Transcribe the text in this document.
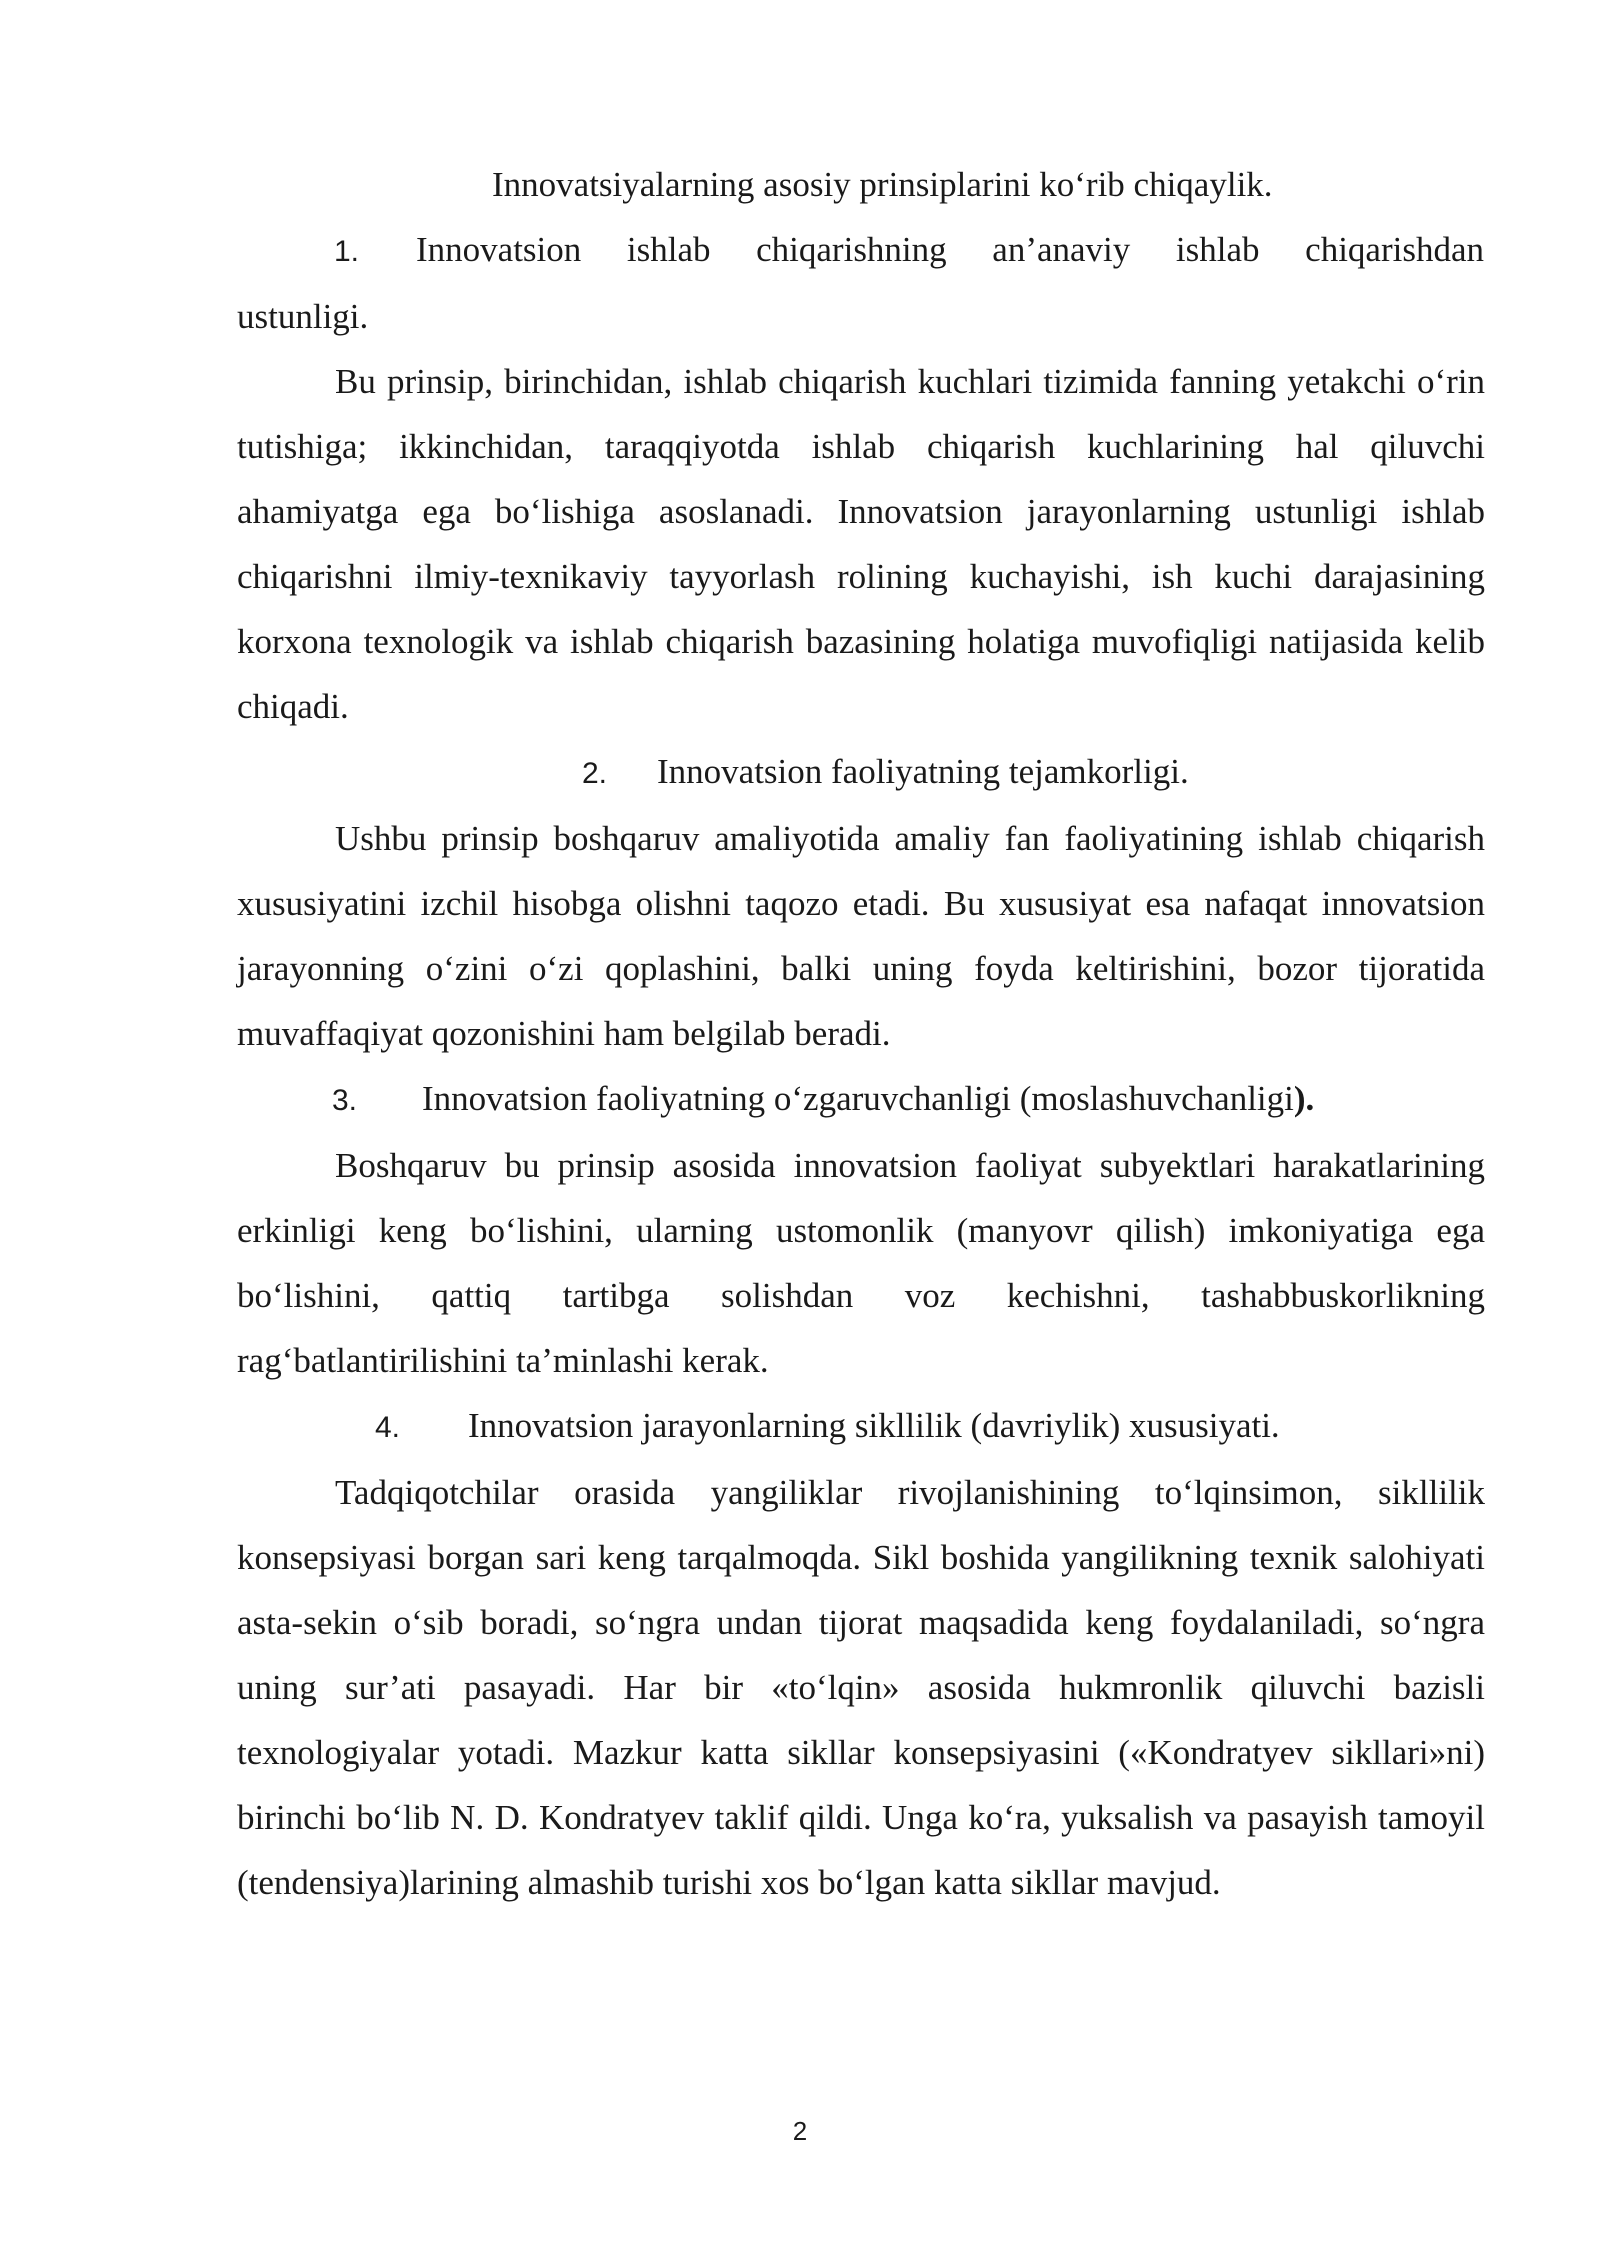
Innovatsiyalarning asosiy prinsiplarini ko‘rib chiqaylik.

1. Innovatsion ishlab chiqarishning an’anaviy ishlab chiqarishdan
ustunligi.

Bu prinsip, birinchidan, ishlab chiqarish kuchlari tizimida fanning yetakchi o‘rin tutishiga; ikkinchidan, taraqqiyotda ishlab chiqarish kuchlarining hal qiluvchi ahamiyatga ega bo‘lishiga asoslanadi. Innovatsion jarayonlarning ustunligi ishlab chiqarishni ilmiy-texnikaviy tayyorlash rolining kuchayishi, ish kuchi darajasining korxona texnologik va ishlab chiqarish bazasining holatiga muvofiqligi natijasida kelib chiqadi.

2. Innovatsion faoliyatning tejamkorligi.

Ushbu prinsip boshqaruv amaliyotida amaliy fan faoliyatining ishlab chiqarish xususiyatini izchil hisobga olishni taqozo etadi. Bu xususiyat esa nafaqat innovatsion jarayonning o‘zini o‘zi qoplashini, balki uning foyda keltirishini, bozor tijoratida muvaffaqiyat qozonishini ham belgilab beradi.

3. Innovatsion faoliyatning o‘zgaruvchanligi (moslashuvchanligi).

Boshqaruv bu prinsip asosida innovatsion faoliyat subyektlari harakatlarining erkinligi keng bo‘lishini, ularning ustomonlik (manyovr qilish) imkoniyatiga ega bo‘lishini, qattiq tartibga solishdan voz kechishni, tashabbuskorlikning rag‘batlantirilishini ta’minlashi kerak.

4. Innovatsion jarayonlarning sikllilik (davriylik) xususiyati.

Tadqiqotchilar orasida yangiliklar rivojlanishining to‘lqinsimon, sikllilik konsepsiyasi borgan sari keng tarqalmoqda. Sikl boshida yangilikning texnik salohiyati asta-sekin o‘sib boradi, so‘ngra undan tijorat maqsadida keng foydalaniladi, so‘ngra uning sur’ati pasayadi. Har bir «to‘lqin» asosida hukmronlik qiluvchi bazisli texnologiyalar yotadi. Mazkur katta sikllar konsepsiyasini («Kondratyev sikllari»ni) birinchi bo‘lib N. D. Kondratyev taklif qildi. Unga ko‘ra, yuksalish va pasayish tamoyil (tendensiya)larining almashib turishi xos bo‘lgan katta sikllar mavjud.

2
